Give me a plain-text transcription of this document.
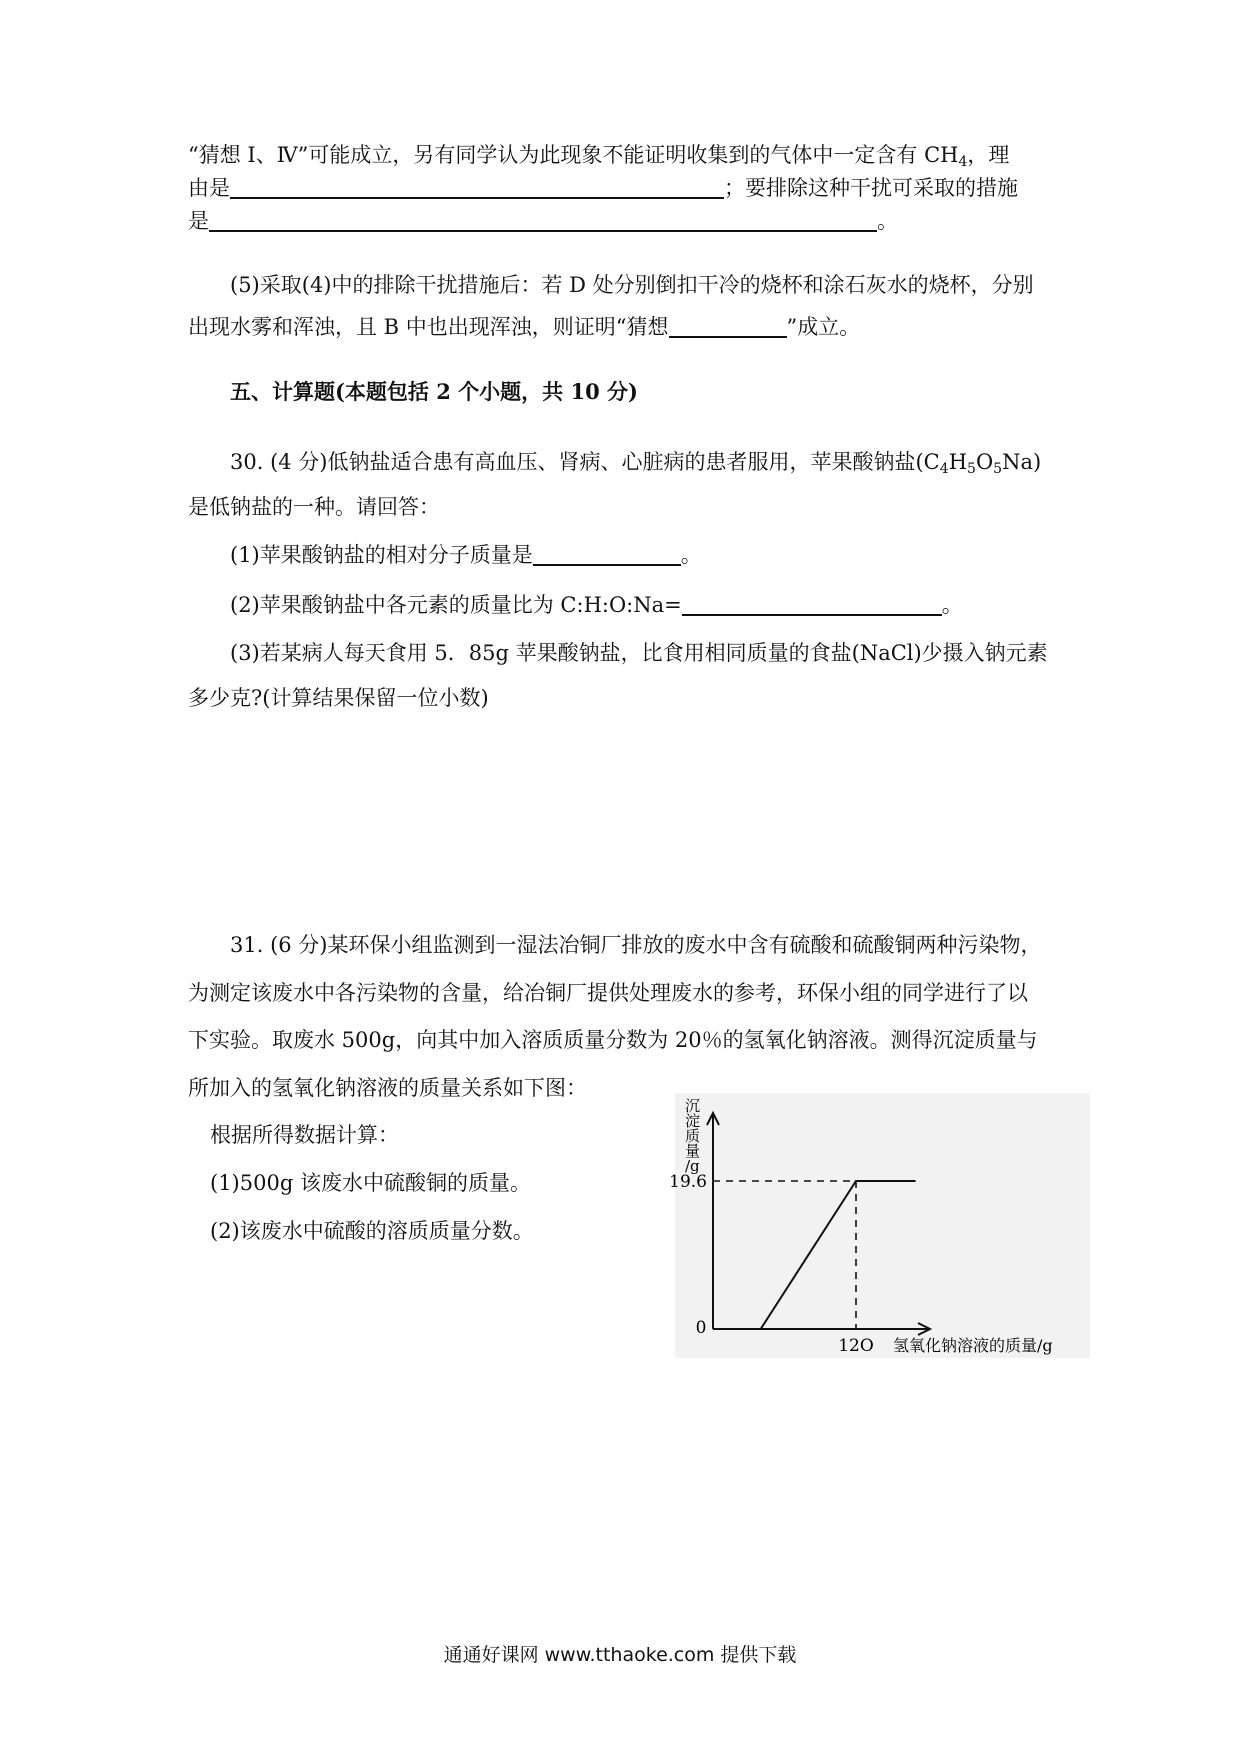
“猜想 I、Ⅳ”可能成立，另有同学认为此现象不能证明收集到的气体中一定含有 $CH_4$，理
由是	；要排除这种干扰可采取的措施
是	。
(5)采取(4)中的排除干扰措施后：若 D 处分别倒扣干冷的烧杯和涂石灰水的烧杯，分别
出现水雾和浑浊，且 B 中也出现浑浊，则证明“猜想	”成立。
五、计算题(本题包括 2 个小题，共 10 分)
30. (4 分)低钠盐适合患有高血压、肾病、心脏病的患者服用，苹果酸钠盐$(C_4H_5O_5Na)$
是低钠盐的一种。请回答：
(1)苹果酸钠盐的相对分子质量是	。
(2)苹果酸钠盐中各元素的质量比为 C:H:O:Na=	。
(3)若某病人每天食用 5．85g 苹果酸钠盐，比食用相同质量的食盐(NaCl)少摄入钠元素
多少克?(计算结果保留一位小数)
31. (6 分)某环保小组监测到一湿法冶铜厂排放的废水中含有硫酸和硫酸铜两种污染物，
为测定该废水中各污染物的含量，给冶铜厂提供处理废水的参考，环保小组的同学进行了以
下实验。取废水 500g，向其中加入溶质质量分数为 20％的氢氧化钠溶液。测得沉淀质量与
所加入的氢氧化钠溶液的质量关系如下图：
根据所得数据计算：
(1)500g 该废水中硫酸铜的质量。
(2)该废水中硫酸的溶质质量分数。
沉
淀
质
量
/g
19.6
12O
0
氢氧化钠溶液的质量/g
通通好课网 www.tthaoke.com 提供下载
